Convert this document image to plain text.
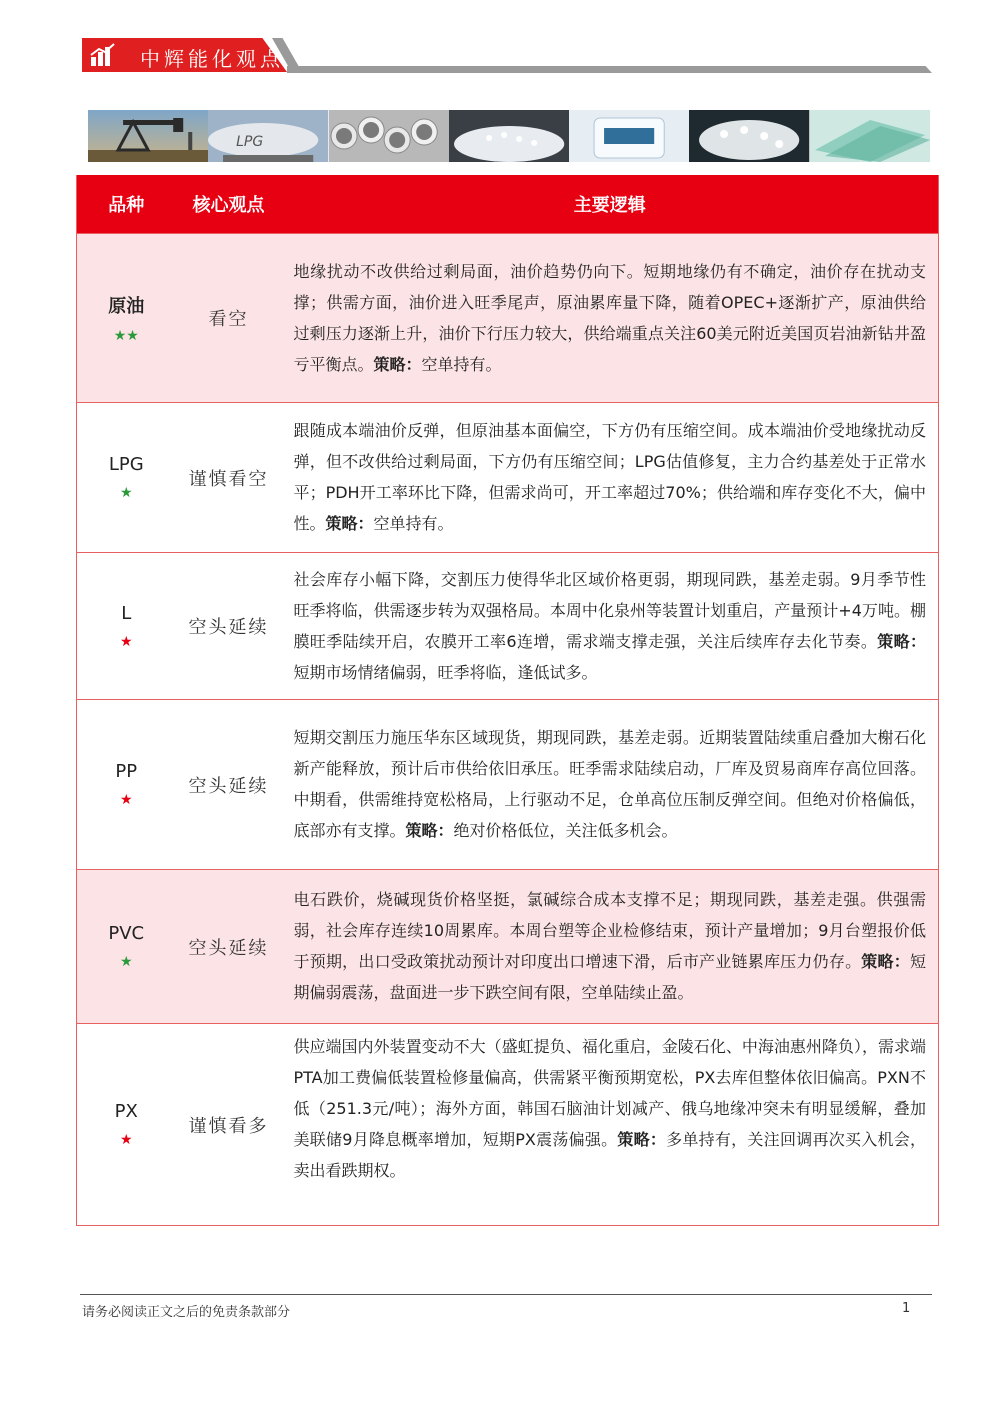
中辉能化观点
LPG
品种	核心观点	主要逻辑

原油
★★	看空	地缘扰动不改供给过剩局面，油价趋势仍向下。短期地缘仍有不确定，油价存在扰动支撑；供需方面，油价进入旺季尾声，原油累库量下降，随着OPEC+逐渐扩产，原油供给过剩压力逐渐上升，油价下行压力较大，供给端重点关注60美元附近美国页岩油新钻井盈亏平衡点。策略：空单持有。

LPG
★	谨慎看空	跟随成本端油价反弹，但原油基本面偏空，下方仍有压缩空间。成本端油价受地缘扰动反弹，但不改供给过剩局面，下方仍有压缩空间；LPG估值修复，主力合约基差处于正常水平；PDH开工率环比下降，但需求尚可，开工率超过70%；供给端和库存变化不大，偏中性。策略：空单持有。

L
★	空头延续	社会库存小幅下降，交割压力使得华北区域价格更弱，期现同跌，基差走弱。9月季节性旺季将临，供需逐步转为双强格局。本周中化泉州等装置计划重启，产量预计+4万吨。棚膜旺季陆续开启，农膜开工率6连增，需求端支撑走强，关注后续库存去化节奏。策略：短期市场情绪偏弱，旺季将临，逢低试多。

PP
★	空头延续	短期交割压力施压华东区域现货，期现同跌，基差走弱。近期装置陆续重启叠加大榭石化新产能释放，预计后市供给依旧承压。旺季需求陆续启动，厂库及贸易商库存高位回落。中期看，供需维持宽松格局，上行驱动不足，仓单高位压制反弹空间。但绝对价格偏低，底部亦有支撑。策略：绝对价格低位，关注低多机会。

PVC
★	空头延续	电石跌价，烧碱现货价格坚挺，氯碱综合成本支撑不足；期现同跌，基差走强。供强需弱，社会库存连续10周累库。本周台塑等企业检修结束，预计产量增加；9月台塑报价低于预期，出口受政策扰动预计对印度出口增速下滑，后市产业链累库压力仍存。策略：短期偏弱震荡，盘面进一步下跌空间有限，空单陆续止盈。

PX
★	谨慎看多	供应端国内外装置变动不大（盛虹提负、福化重启，金陵石化、中海油惠州降负），需求端PTA加工费偏低装置检修量偏高，供需紧平衡预期宽松，PX去库但整体依旧偏高。PXN不低（251.3元/吨）；海外方面，韩国石脑油计划减产、俄乌地缘冲突未有明显缓解，叠加美联储9月降息概率增加，短期PX震荡偏强。策略：多单持有，关注回调再次买入机会，卖出看跌期权。
请务必阅读正文之后的免责条款部分	1
